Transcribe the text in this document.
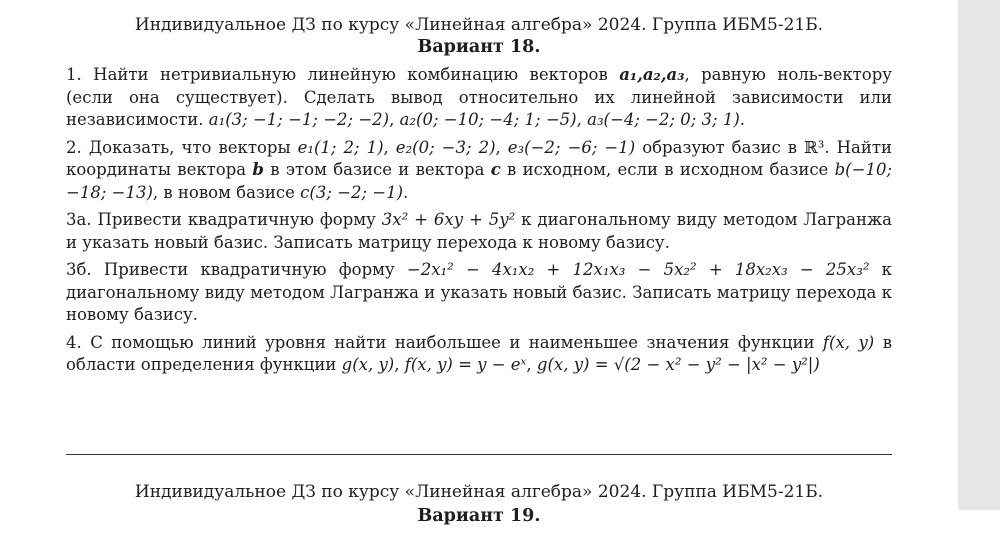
Индивидуальное ДЗ по курсу «Линейная алгебра» 2024. Группа ИБМ5-21Б.

Вариант 18.

1. Найти нетривиальную линейную комбинацию векторов a₁,a₂,a₃, равную ноль-вектору (если она существует). Сделать вывод относительно их линейной зависимости или независимости. a₁(3; −1; −1; −2; −2), a₂(0; −10; −4; 1; −5), a₃(−4; −2; 0; 3; 1).

2. Доказать, что векторы e₁(1; 2; 1), e₂(0; −3; 2), e₃(−2; −6; −1) образуют базис в ℝ³. Найти координаты вектора b в этом базисе и вектора c в исходном, если в исходном базисе b(−10; −18; −13), в новом базисе c(3; −2; −1).

3а. Привести квадратичную форму 3x² + 6xy + 5y² к диагональному виду методом Лагранжа и указать новый базис. Записать матрицу перехода к новому базису.

3б. Привести квадратичную форму −2x₁² − 4x₁x₂ + 12x₁x₃ − 5x₂² + 18x₂x₃ − 25x₃² к диагональному виду методом Лагранжа и указать новый базис. Записать матрицу перехода к новому базису.

4. С помощью линий уровня найти наибольшее и наименьшее значения функции f(x, y) в области определения функции g(x, y), f(x, y) = y − eˣ, g(x, y) = √(2 − x² − y² − |x² − y²|)

Индивидуальное ДЗ по курсу «Линейная алгебра» 2024. Группа ИБМ5-21Б.

Вариант 19.
